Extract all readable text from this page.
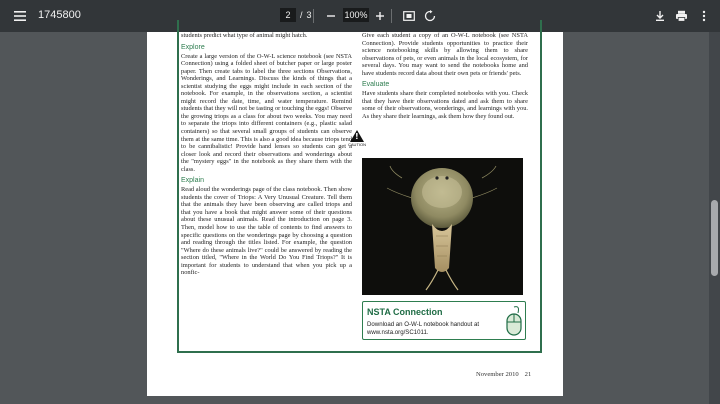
1745800	2	/ 3	100%
students predict what type of animal might hatch.
Explore
Create a large version of the O-W-L science notebook (see NSTA Connection) using a folded sheet of butcher paper or large poster paper. Then create tabs to label the three sections Observations, Wonderings, and Learnings. Discuss the kinds of things that a scientist studying the eggs might include in each section of the notebook. For example, in the observations section, a scientist might record the date, time, and water temperature. Remind students that they will not be tasting or touching the eggs! Observe the growing triops as a class for about two weeks. You may need to separate the triops into different containers (e.g., plastic salad containers) so that several small groups of students can observe them at the same time. This is also a good idea because triops tend to be cannibalistic! Provide hand lenses so students can get a closer look and record their observations and wonderings about the "mystery eggs" in the notebook as they share them with the class.
Explain
Read aloud the wonderings page of the class notebook. Then show students the cover of Triops: A Very Unusual Creature. Tell them that the animals they have been observing are called triops and that you have a book that might answer some of their questions about these unusual animals. Read the introduction on page 3. Then, model how to use the table of contents to find answers to specific questions on the wonderings page by choosing a question and reading through the titles listed. For example, the question "Where do these animals live?" could be answered by reading the section titled, "Where in the World Do You Find Triops?" It is important for students to understand that when you pick up a nonfic-
!
CAUTION
Give each student a copy of an O-W-L notebook (see NSTA Connection). Provide students opportunities to practice their science notebooking skills by allowing them to share observations of pets, or even animals in the local ecosystem, for several days. You may want to send the notebooks home and have students record data about their own pets or friends' pets.
Evaluate
Have students share their completed notebooks with you. Check that they have their observations dated and ask them to share some of their observations, wonderings, and learnings with you. As they share their learnings, ask them how they found out.
NSTA Connection
Download an O-W-L notebook handout at www.nsta.org/SC1011.
November 2010 21
